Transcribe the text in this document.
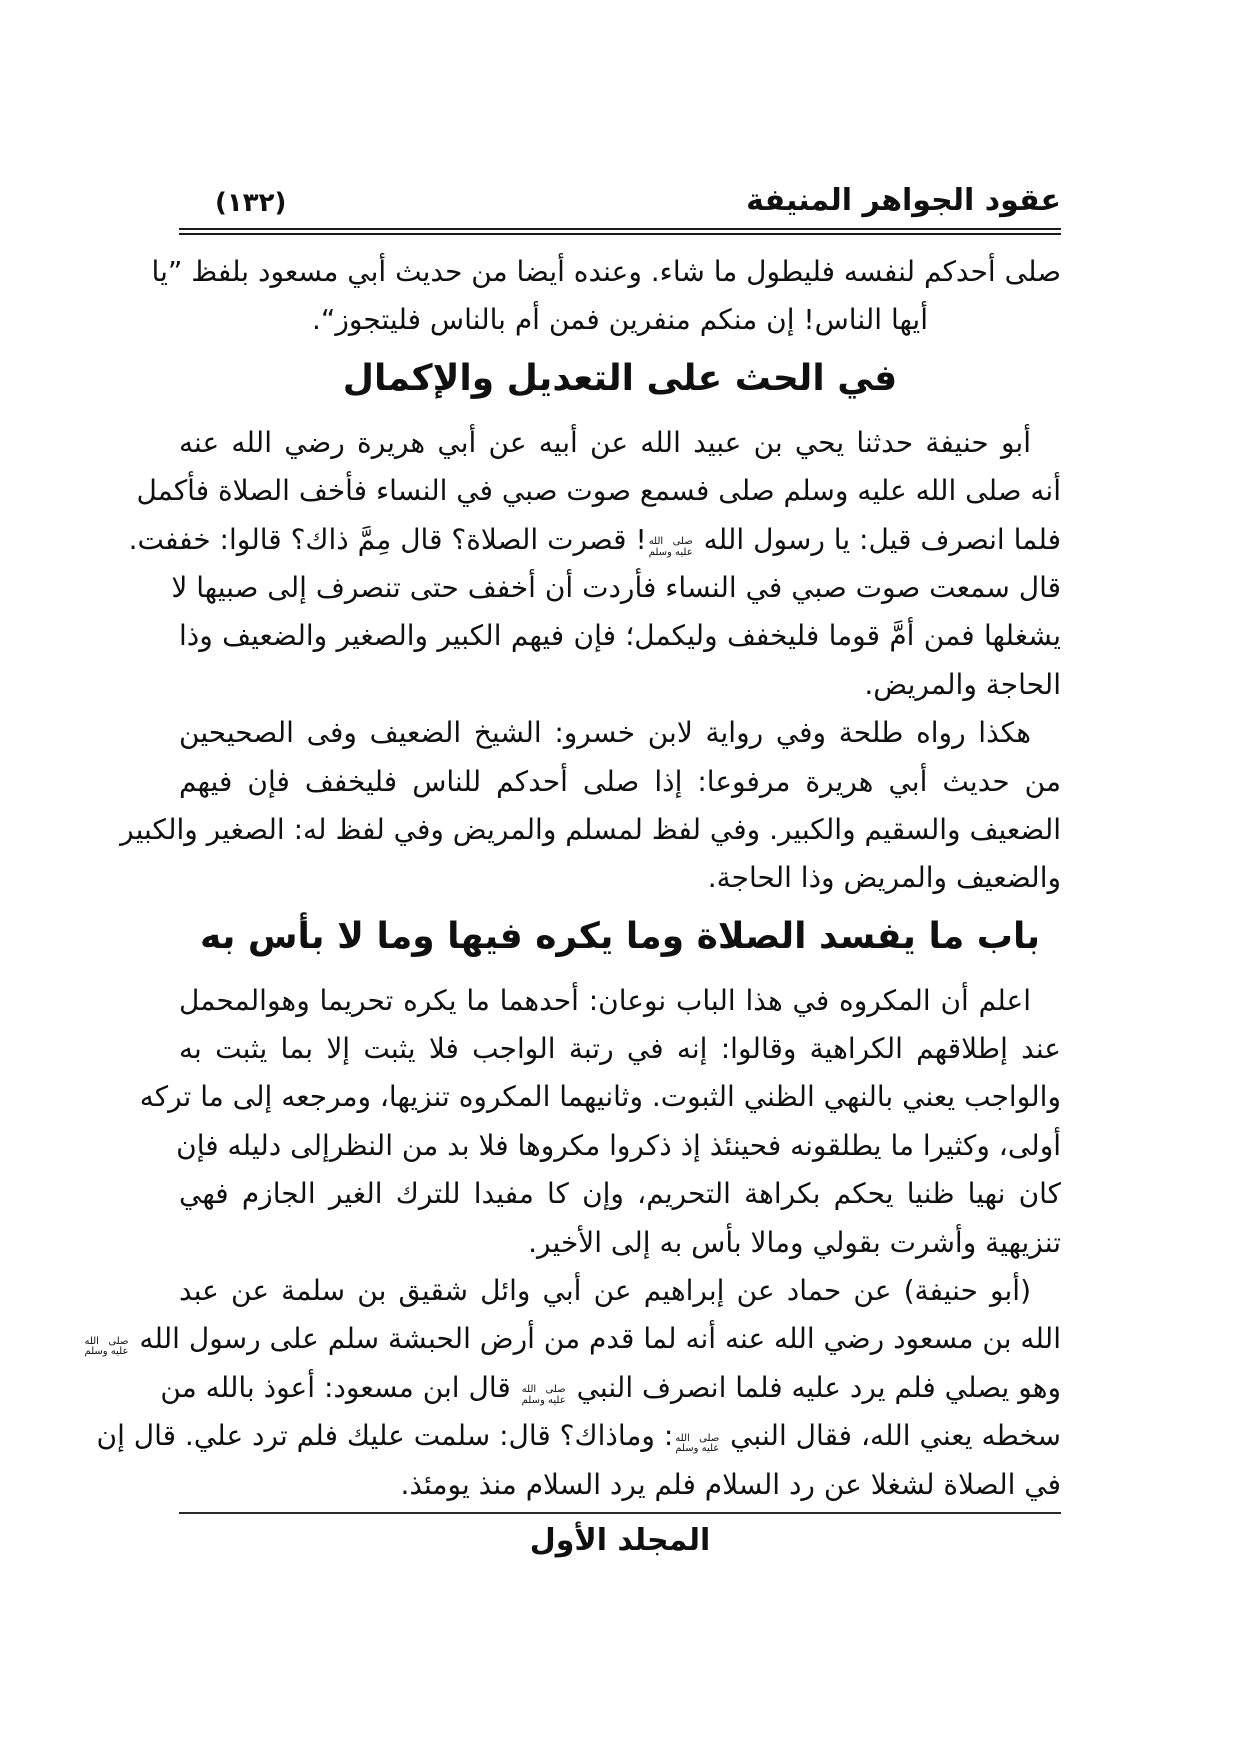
عقود الجواهر المنيفة
(١٣٢)
صلى أحدكم لنفسه فليطول ما شاء. وعنده أيضا من حديث أبي مسعود بلفظ ”يا
أيها الناس! إن منكم منفرين فمن أم بالناس فليتجوز“.
في الحث على التعديل والإكمال
أبو حنيفة حدثنا يحي بن عبيد الله عن أبيه عن أبي هريرة رضي الله عنه
أنه صلى الله عليه وسلم صلى فسمع صوت صبي في النساء فأخف الصلاة فأكمل
فلما انصرف قيل: يا رسول الله
صلى الله
عليه وسلم
! قصرت الصلاة؟ قال مِمَّ ذاك؟ قالوا: خففت.
قال سمعت صوت صبي في النساء فأردت أن أخفف حتى تنصرف إلى صبيها لا
يشغلها فمن أمَّ قوما فليخفف وليكمل؛ فإن فيهم الكبير والصغير والضعيف وذا
الحاجة والمريض.
هكذا رواه طلحة وفي رواية لابن خسرو: الشيخ الضعيف وفى الصحيحين
من حديث أبي هريرة مرفوعا: إذا صلى أحدكم للناس فليخفف فإن فيهم
الضعيف والسقيم والكبير. وفي لفظ لمسلم والمريض وفي لفظ له: الصغير والكبير
والضعيف والمريض وذا الحاجة.
باب ما يفسد الصلاة وما يكره فيها وما لا بأس به
اعلم أن المكروه في هذا الباب نوعان: أحدهما ما يكره تحريما وهوالمحمل
عند إطلاقهم الكراهية وقالوا: إنه في رتبة الواجب فلا يثبت إلا بما يثبت به
والواجب يعني بالنهي الظني الثبوت. وثانيهما المكروه تنزيها، ومرجعه إلى ما تركه
أولى، وكثيرا ما يطلقونه فحينئذ إذ ذكروا مكروها فلا بد من النظرإلى دليله فإن
كان نهيا ظنيا يحكم بكراهة التحريم، وإن كا مفيدا للترك الغير الجازم فهي
تنزيهية وأشرت بقولي ومالا بأس به إلى الأخير.
(أبو حنيفة) عن حماد عن إبراهيم عن أبي وائل شقيق بن سلمة عن عبد
الله بن مسعود رضي الله عنه أنه لما قدم من أرض الحبشة سلم على رسول الله
صلى الله
عليه وسلم
وهو يصلي فلم يرد عليه فلما انصرف النبي
صلى الله
عليه وسلم
قال ابن مسعود: أعوذ بالله من
سخطه يعني الله، فقال النبي
صلى الله
عليه وسلم
: وماذاك؟ قال: سلمت عليك فلم ترد علي. قال إن
في الصلاة لشغلا عن رد السلام فلم يرد السلام منذ يومئذ.
المجلد الأول
